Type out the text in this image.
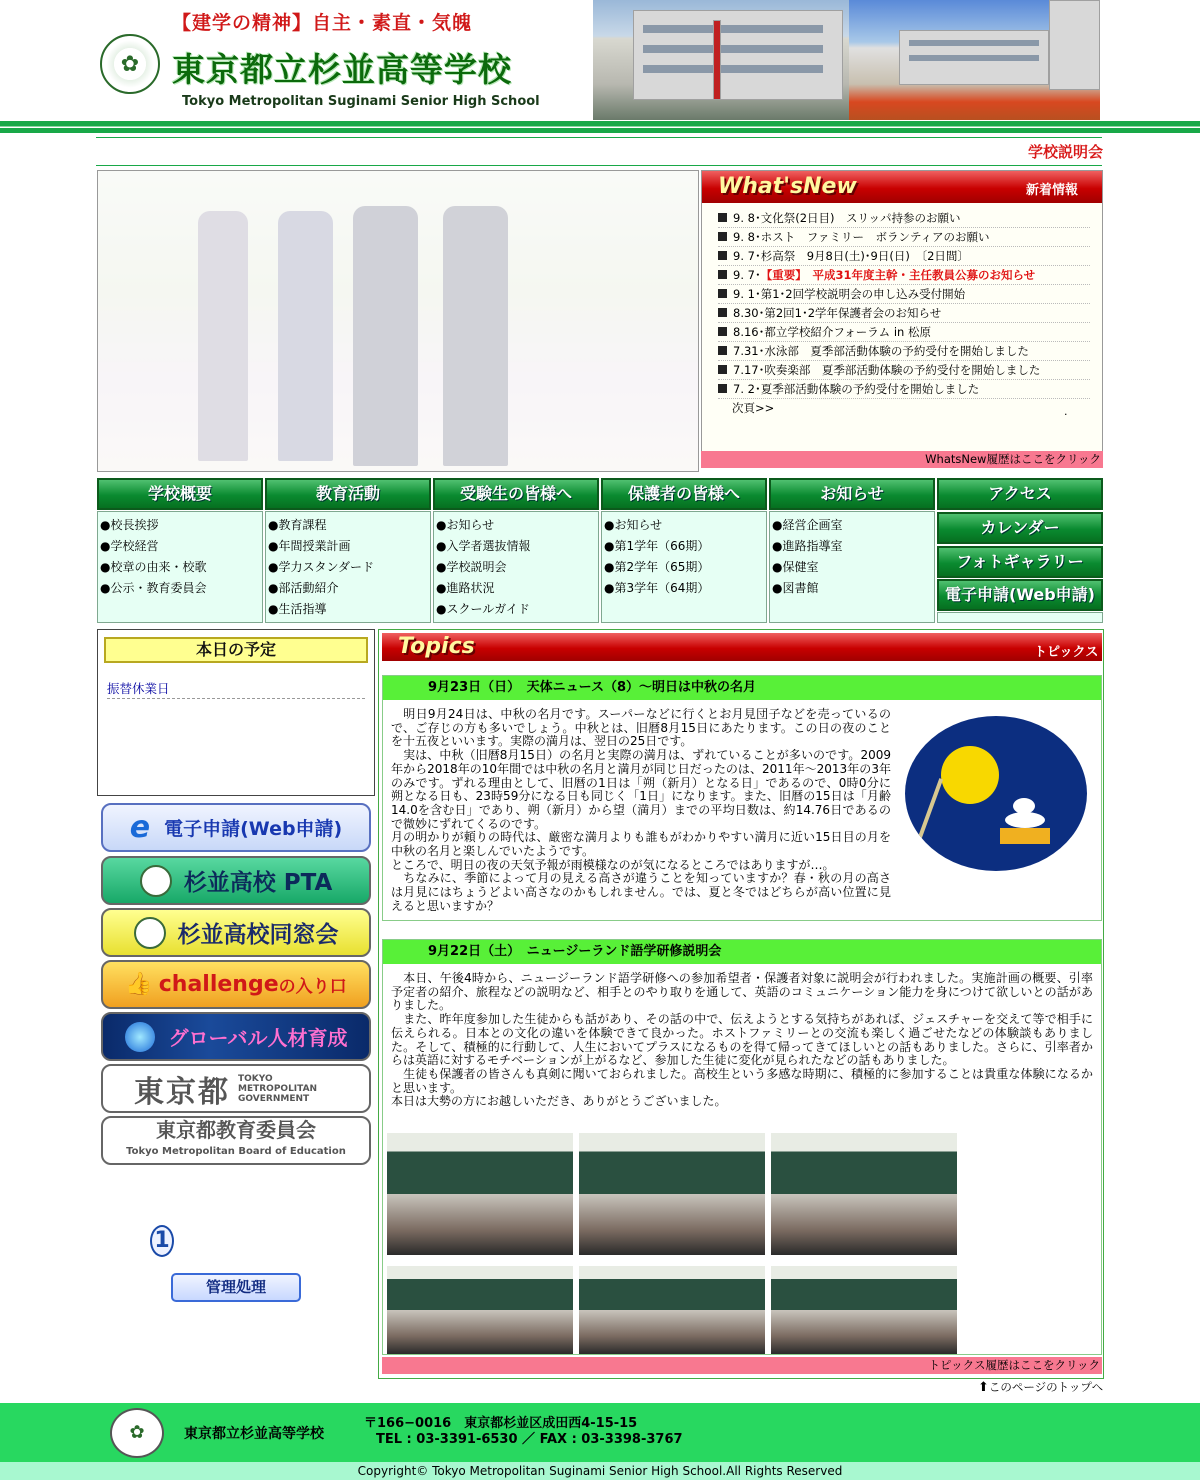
【建学の精神】自主・素直・気魄
✿ 東京都立杉並高等学校
Tokyo Metropolitan Suginami Senior High School
学校説明会
What'sNew	新着情報
9. 8･文化祭(2日目)　スリッパ持参のお願い
9. 8･ホスト　ファミリー　ボランティアのお願い
9. 7･杉高祭　9月8日(土)･9日(日)　〔2日間〕
9. 7･【重要】　平成31年度主幹・主任教員公募のお知らせ
9. 1･第1･2回学校説明会の申し込み受付開始
8.30･第2回1･2学年保護者会のお知らせ
8.16･都立学校紹介フォーラム in 松原
7.31･水泳部　夏季部活動体験の予約受付を開始しました
7.17･吹奏楽部　夏季部活動体験の予約受付を開始しました
7. 2･夏季部活動体験の予約受付を開始しました
次頁>>	.
WhatsNew履歴はここをクリック
学校概要
●校長挨拶
●学校経営
●校章の由来・校歌
●公示・教育委員会
教育活動
●教育課程
●年間授業計画
●学力スタンダード
●部活動紹介
●生活指導
受験生の皆様へ
●お知らせ
●入学者選抜情報
●学校説明会
●進路状況
●スクールガイド
保護者の皆様へ
●お知らせ
●第1学年（66期）
●第2学年（65期）
●第3学年（64期）
お知らせ
●経営企画室
●進路指導室
●保健室
●図書館
アクセス
カレンダー
フォトギャラリー
電子申請(Web申請)
本日の予定
振替休業日
e 電子申請(Web申請)
杉並高校 PTA
杉並高校同窓会
👍 challenge の入り口
グローバル人材育成
東京都 TOKYO METROPOLITAN GOVERNMENT
東京都教育委員会
Tokyo Metropolitan Board of Education
1
管理処理
Topics	トピックス
9月23日（日）　天体ニュース（8）～明日は中秋の名月

　明日9月24日は、中秋の名月です。スーパーなどに行くとお月見団子などを売っているので、ご存じの方も多いでしょう。中秋とは、旧暦8月15日にあたります。この日の夜のことを十五夜といいます。実際の満月は、翌日の25日です。

　実は、中秋（旧暦8月15日）の名月と実際の満月は、ずれていることが多いのです。2009年から2018年の10年間では中秋の名月と満月が同じ日だったのは、2011年～2013年の3年のみです。ずれる理由として、旧暦の1日は「朔（新月）となる日」であるので、0時0分に朔となる日も、23時59分になる日も同じく「1日」になります。また、旧暦の15日は「月齢14.0を含む日」であり、朔（新月）から望（満月）までの平均日数は、約14.76日であるので微妙にずれてくるのです。

月の明かりが頼りの時代は、厳密な満月よりも誰もがわかりやすい満月に近い15日目の月を中秋の名月と楽しんでいたようです。

ところで、明日の夜の天気予報が雨模様なのが気になるところではありますが…。

　ちなみに、季節によって月の見える高さが違うことを知っていますか？春・秋の月の高さは月見にはちょうどよい高さなのかもしれません。では、夏と冬ではどちらが高い位置に見えると思いますか？

9月22日（土）　ニュージーランド語学研修説明会

　本日、午後4時から、ニュージーランド語学研修への参加希望者・保護者対象に説明会が行われました。実施計画の概要、引率予定者の紹介、旅程などの説明など、相手とのやり取りを通して、英語のコミュニケーション能力を身につけて欲しいとの話がありました。

　また、昨年度参加した生徒からも話があり、その話の中で、伝えようとする気持ちがあれば、ジェスチャーを交えて等で相手に伝えられる。日本との文化の違いを体験できて良かった。ホストファミリーとの交流も楽しく過ごせたなどの体験談もありました。そして、積極的に行動して、人生においてプラスになるものを得て帰ってきてほしいとの話もありました。さらに、引率者からは英語に対するモチベーションが上がるなど、参加した生徒に変化が見られたなどの話もありました。

　生徒も保護者の皆さんも真剣に聞いておられました。高校生という多感な時期に、積極的に参加することは貴重な体験になるかと思います。

本日は大勢の方にお越しいただき、ありがとうございました。

トピックス履歴はここをクリック
⬆このページのトップへ
✿	東京都立杉並高等学校
〒166−0016　東京都杉並区成田西4-15-15
TEL : 03-3391-6530 ／ FAX : 03-3398-3767
Copyright© Tokyo Metropolitan Suginami Senior High School.All Rights Reserved
